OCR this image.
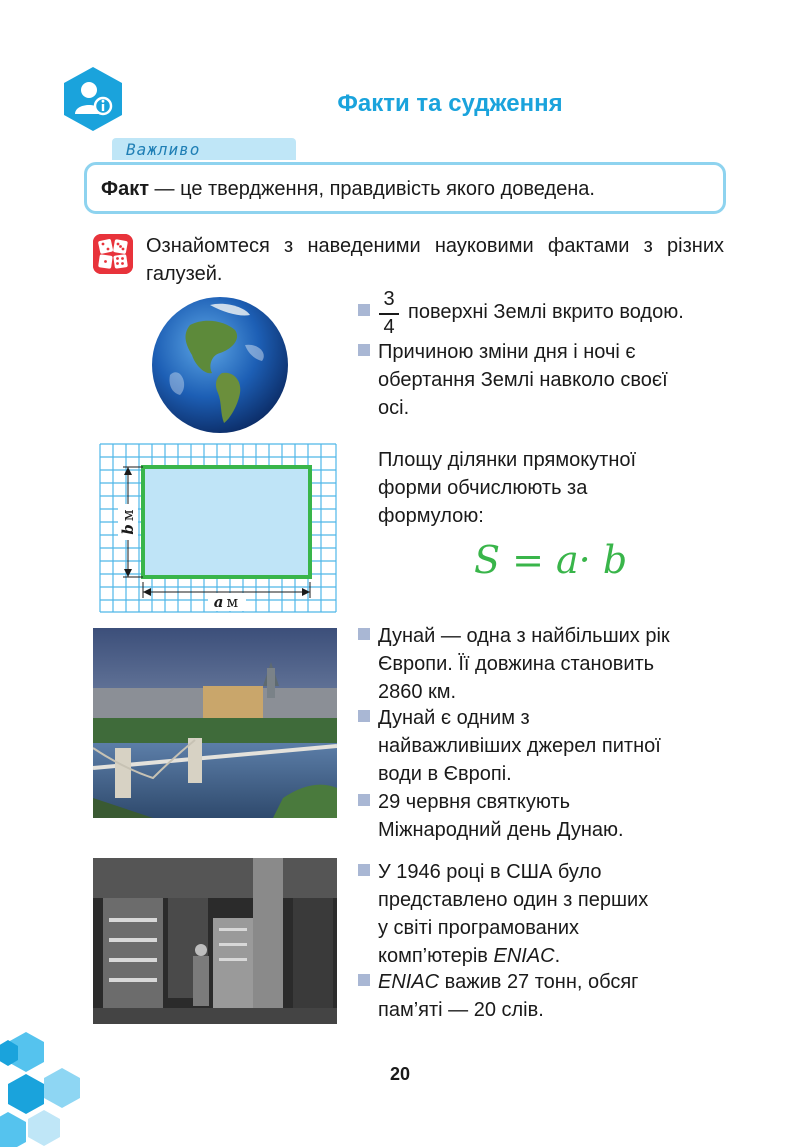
Факти та судження
Важливо
Факт — це твердження, правдивість якого доведена.
Ознайомтеся з наведеними науковими фактами з різних галузей.
$\frac{3}{4}$ поверхні Землі вкрито водою.
Причиною зміни дня і ночі є
обертання Землі навколо своєї
осі.
bм
a м
Площу ділянки прямокутної
форми обчислюють за
формулою:
S = a· b
Дунай — одна з найбільших рік
Європи. Її довжина становить
2860 км.
Дунай є одним з
найважливіших джерел питної
води в Європі.
29 червня святкують
Міжнародний день Дунаю.
У 1946 році в США було
представлено один з перших
у світі програмованих
комп’ютерів ENIAC.
ENIAC важив 27 тонн, обсяг
пам’яті — 20 слів.
20
